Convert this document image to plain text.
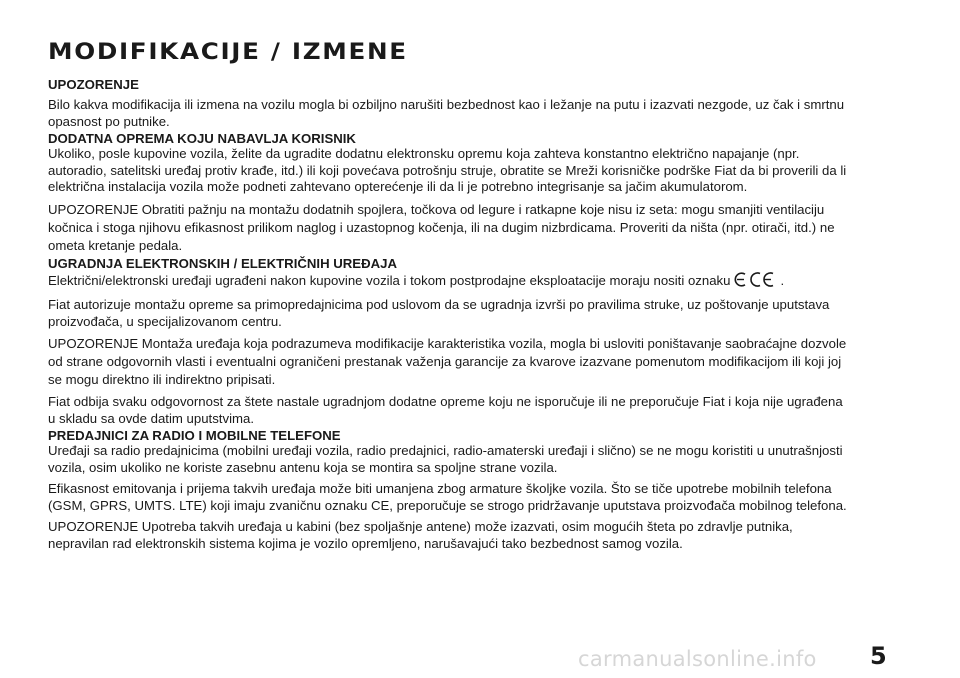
MODIFIKACIJE / IZMENE

UPOZORENJE

Bilo kakva modifikacija ili izmena na vozilu mogla bi ozbiljno narušiti bezbednost kao i ležanje na putu i izazvati nezgode, uz čak i smrtnu opasnost po putnike.

DODATNA OPREMA KOJU NABAVLJA KORISNIK

Ukoliko, posle kupovine vozila, želite da ugradite dodatnu elektronsku opremu koja zahteva konstantno električno napajanje (npr. autoradio, satelitski uređaj protiv krađe, itd.) ili koji povećava potrošnju struje, obratite se Mreži korisničke podrške Fiat da bi proverili da li električna instalacija vozila može podneti zahtevano opterećenje ili da li je potrebno integrisanje sa jačim akumulatorom.

UPOZORENJE Obratiti pažnju na montažu dodatnih spojlera, točkova od legure i ratkapne koje nisu iz seta: mogu smanjiti ventilaciju kočnica i stoga njihovu efikasnost prilikom naglog i uzastopnog kočenja, ili na dugim nizbrdicama. Proveriti da ništa (npr. otirači, itd.) ne ometa kretanje pedala.

UGRADNJA ELEKTRONSKIH / ELEKTRIČNIH UREĐAJA

Električni/elektronski uređaji ugrađeni nakon kupovine vozila i tokom postprodajne eksploatacije moraju nositi oznaku	.

Fiat autorizuje montažu opreme sa primopredajnicima pod uslovom da se ugradnja izvrši po pravilima struke, uz poštovanje uputstava proizvođača, u specijalizovanom centru.

UPOZORENJE Montaža uređaja koja podrazumeva modifikacije karakteristika vozila, mogla bi usloviti poništavanje saobraćajne dozvole od strane odgovornih vlasti i eventualni ograničeni prestanak važenja garancije za kvarove izazvane pomenutom modifikacijom ili koji joj se mogu direktno ili indirektno pripisati.

Fiat odbija svaku odgovornost za štete nastale ugradnjom dodatne opreme koju ne isporučuje ili ne preporučuje Fiat i koja nije ugrađena u skladu sa ovde datim uputstvima.

PREDAJNICI ZA RADIO I MOBILNE TELEFONE

Uređaji sa radio predajnicima (mobilni uređaji vozila, radio predajnici, radio-amaterski uređaji i slično) se ne mogu koristiti u unutrašnjosti vozila, osim ukoliko ne koriste zasebnu antenu koja se montira sa spoljne strane vozila.

Efikasnost emitovanja i prijema takvih uređaja može biti umanjena zbog armature školjke vozila. Što se tiče upotrebe mobilnih telefona (GSM, GPRS, UMTS. LTE) koji imaju zvaničnu oznaku CE, preporučuje se strogo pridržavanje uputstava proizvođača mobilnog telefona.

UPOZORENJE Upotreba takvih uređaja u kabini (bez spoljašnje antene) može izazvati, osim mogućih šteta po zdravlje putnika, nepravilan rad elektronskih sistema kojima je vozilo opremljeno, narušavajući tako bezbednost samog vozila.

carmanualsonline.info 5
